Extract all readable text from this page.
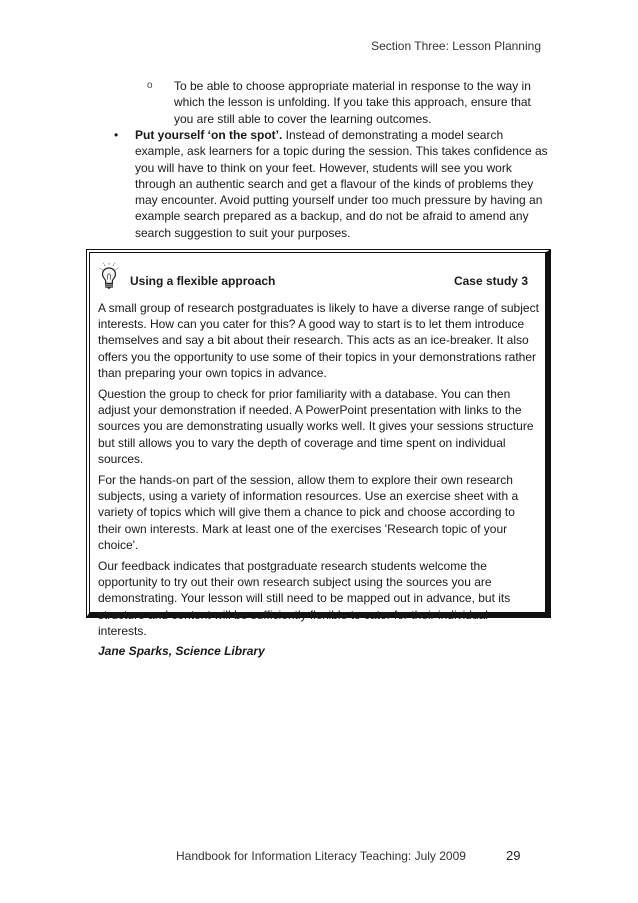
Section Three: Lesson Planning
o	To be able to choose appropriate material in response to the way in which the lesson is unfolding. If you take this approach, ensure that you are still able to cover the learning outcomes.
•	Put yourself ‘on the spot’. Instead of demonstrating a model search example, ask learners for a topic during the session. This takes confidence as you will have to think on your feet. However, students will see you work through an authentic search and get a flavour of the kinds of problems they may encounter. Avoid putting yourself under too much pressure by having an example search prepared as a backup, and do not be afraid to amend any search suggestion to suit your purposes.
Using a flexible approach	Case study 3

A small group of research postgraduates is likely to have a diverse range of subject interests. How can you cater for this? A good way to start is to let them introduce themselves and say a bit about their research. This acts as an ice-breaker. It also offers you the opportunity to use some of their topics in your demonstrations rather than preparing your own topics in advance.

Question the group to check for prior familiarity with a database. You can then adjust your demonstration if needed. A PowerPoint presentation with links to the sources you are demonstrating usually works well. It gives your sessions structure but still allows you to vary the depth of coverage and time spent on individual sources.

For the hands-on part of the session, allow them to explore their own research subjects, using a variety of information resources. Use an exercise sheet with a variety of topics which will give them a chance to pick and choose according to their own interests. Mark at least one of the exercises 'Research topic of your choice'.

Our feedback indicates that postgraduate research students welcome the opportunity to try out their own research subject using the sources you are demonstrating. Your lesson will still need to be mapped out in advance, but its structure and content will be sufficiently flexible to cater for their individual interests.

Jane Sparks, Science Library
Handbook for Information Literacy Teaching: July 2009	29
